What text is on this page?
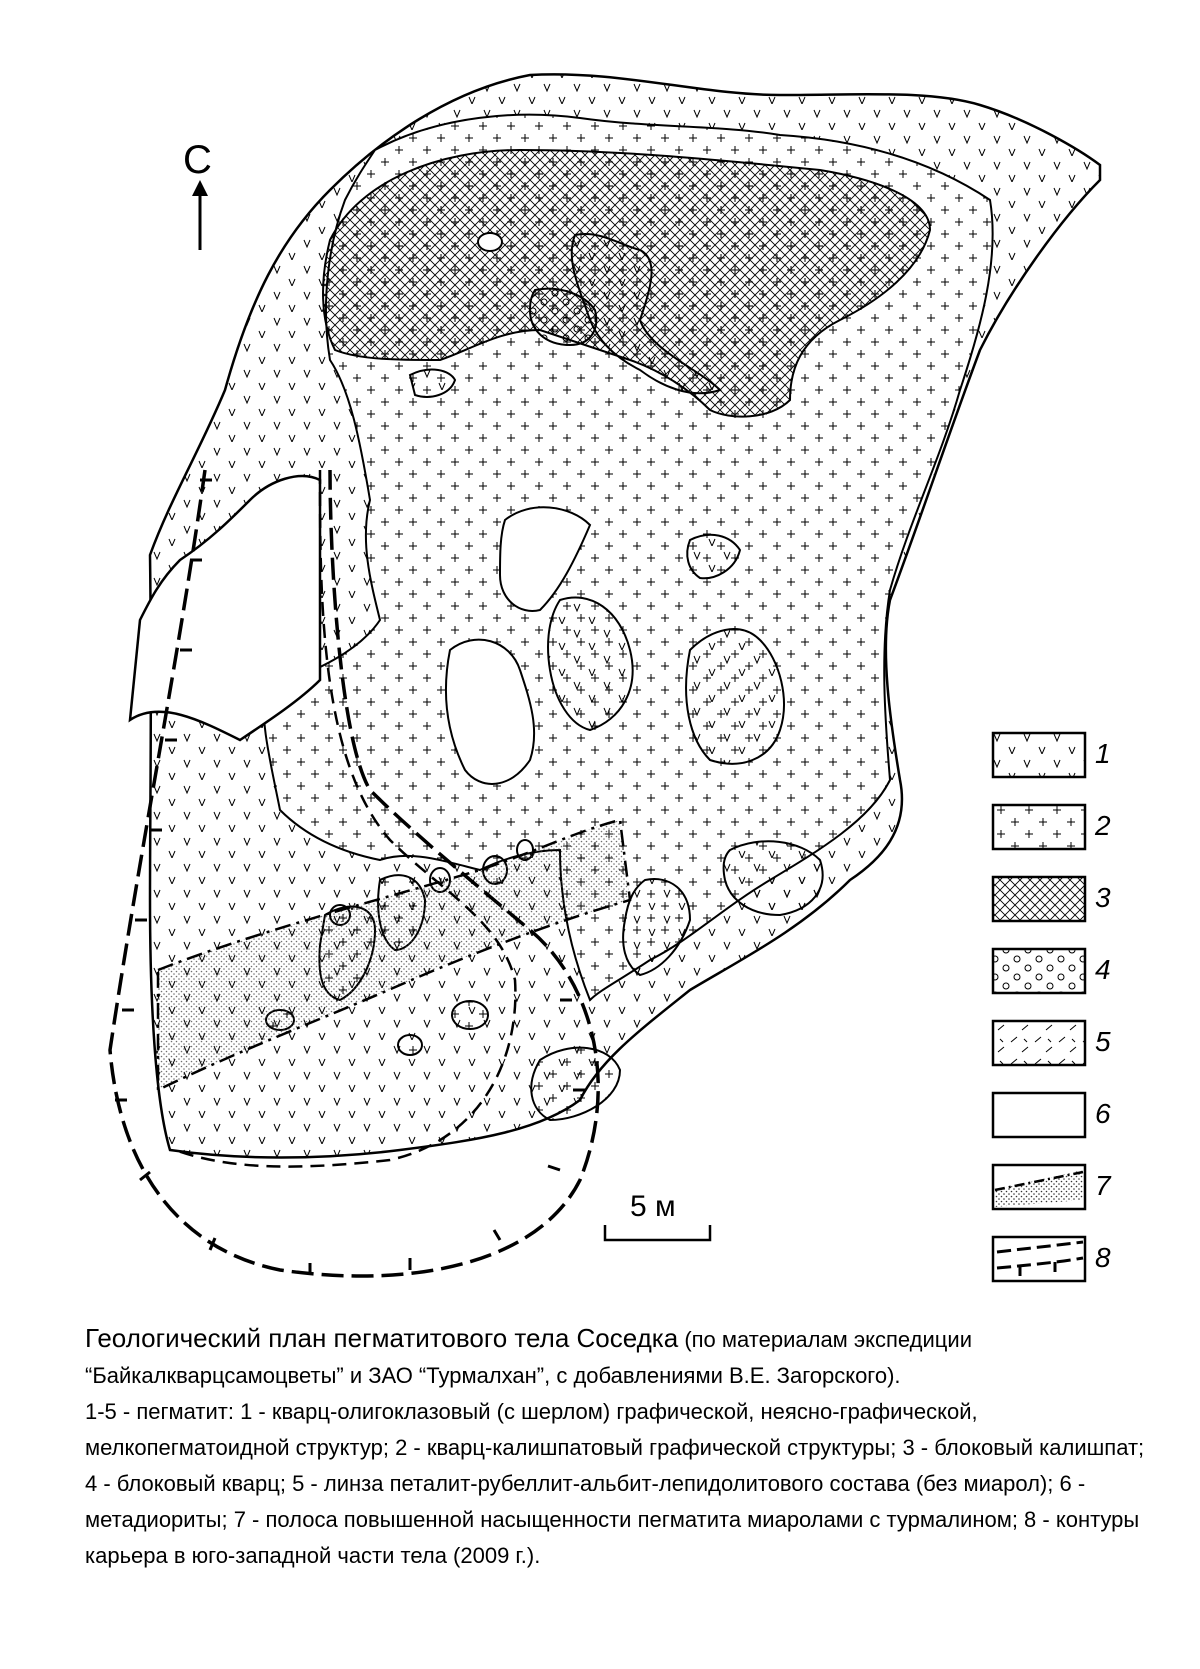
С
5 м
1
2
3
4
5
6
7
8

Геологический план пегматитового тела Соседка (по материалам экспедиции “Байкалкварцсамоцветы” и ЗАО “Турмалхан”, с добавлениями В.Е. Загорского).

1-5 - пегматит: 1 - кварц-олигоклазовый (с шерлом) графической, неясно-графической, мелкопегматоидной структур; 2 - кварц-калишпатовый графической структуры; 3 - блоковый калишпат; 4 - блоковый кварц; 5 - линза петалит-рубеллит-альбит-лепидолитового состава (без миарол); 6 - метадиориты; 7 - полоса повышенной насыщенности пегматита миаролами с турмалином; 8 - контуры карьера в юго-западной части тела (2009 г.).
